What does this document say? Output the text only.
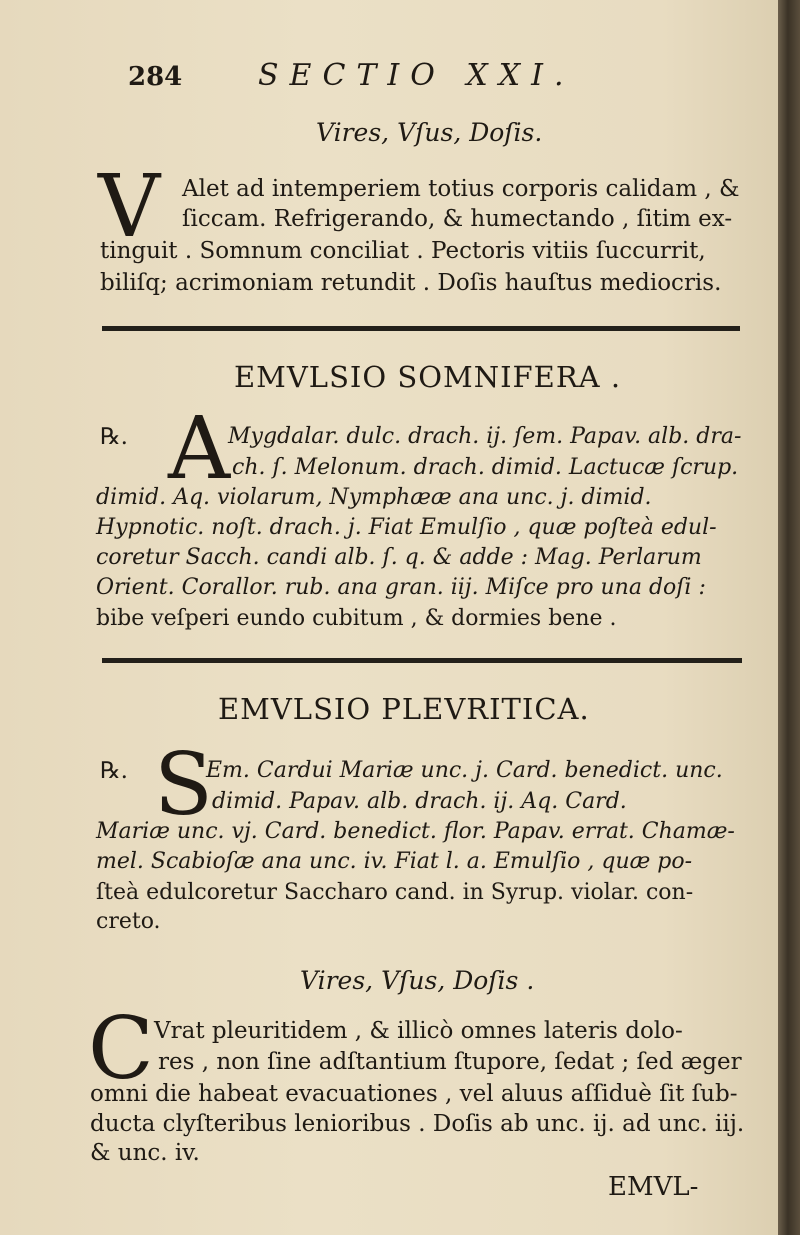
284	SECTIO XXI.
Vires, Vſus, Doſis.
V Alet ad intemperiem totius corporis calidam , &
ſiccam. Refrigerando, & humectando , ſitim ex-
tinguit . Somnum conciliat . Pectoris vitiis ſuccurrit,
biliſq; acrimoniam retundit . Doſis hauſtus mediocris.
EMVLSIO SOMNIFERA .
℞. A
Mygdalar. dulc. drach. ij. ſem. Papav. alb. dra-
ch. ſ. Melonum. drach. dimid. Lactucæ ſcrup.
dimid. Aq. violarum, Nymphææ ana unc. j. dimid.
Hypnotic. noſt. drach. j. Fiat Emulſio , quæ poſteà edul-
coretur Sacch. candi alb. ſ. q. & adde : Mag. Perlarum
Orient. Corallor. rub. ana gran. iij. Miſce pro una doſi :
bibe veſperi eundo cubitum , & dormies bene .
EMVLSIO PLEVRITICA.
℞. S
Em. Cardui Mariæ unc. j. Card. benedict. unc.
dimid. Papav. alb. drach. ij. Aq. Card.
Mariæ unc. vj. Card. benedict. flor. Papav. errat. Chamæ-
mel. Scabioſæ ana unc. iv. Fiat l. a. Emulſio , quæ po-
ſteà edulcoretur Saccharo cand. in Syrup. violar. con-
creto.
Vires, Vſus, Doſis .
C Vrat pleuritidem , & illicò omnes lateris dolo-
res , non ſine adſtantium ſtupore, ſedat ; ſed æger
omni die habeat evacuationes , vel aluus aſſiduè ſit ſub-
ducta clyſteribus lenioribus . Doſis ab unc. ij. ad unc. iij.
& unc. iv.
EMVL-
